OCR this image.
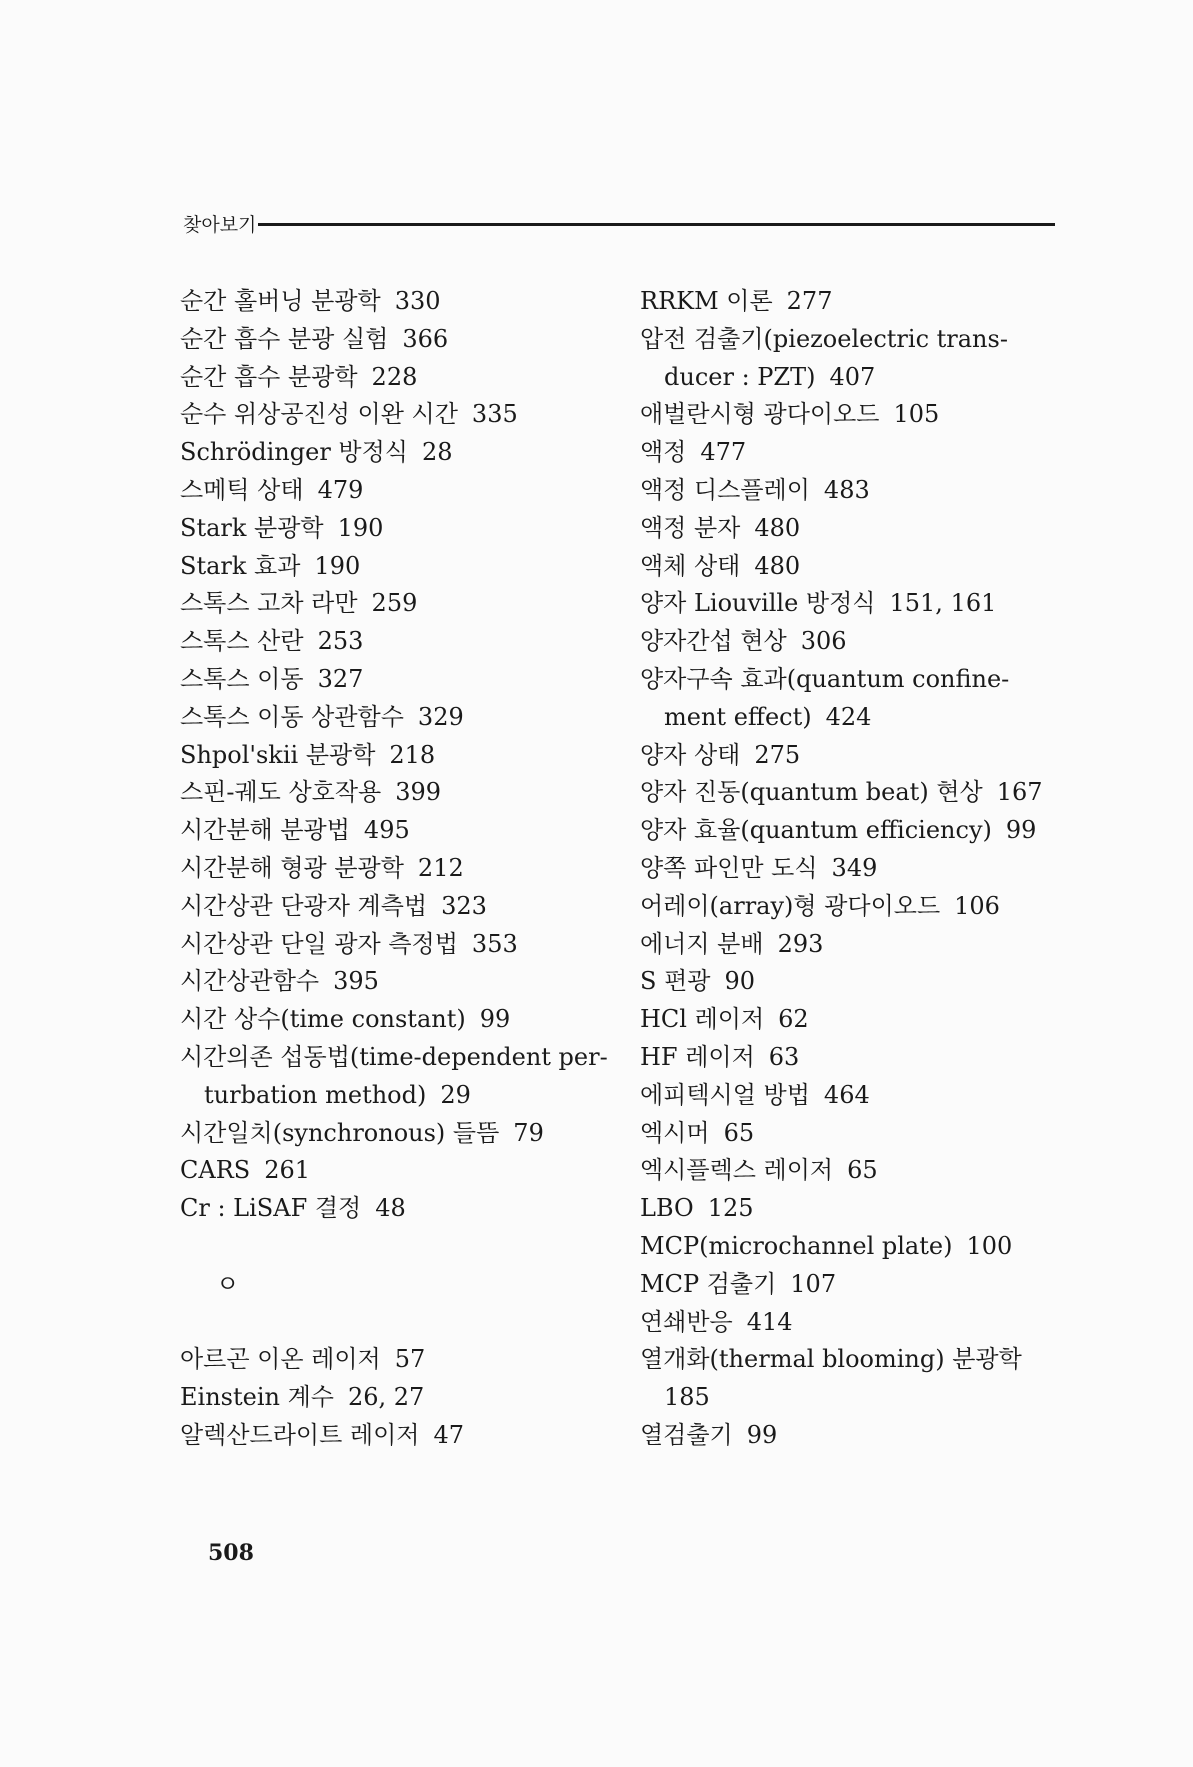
찾아보기
순간 홀버닝 분광학 330
순간 흡수 분광 실험 366
순간 흡수 분광학 228
순수 위상공진성 이완 시간 335
Schrödinger 방정식 28
스메틱 상태 479
Stark 분광학 190
Stark 효과 190
스톡스 고차 라만 259
스톡스 산란 253
스톡스 이동 327
스톡스 이동 상관함수 329
Shpol'skii 분광학 218
스핀-궤도 상호작용 399
시간분해 분광법 495
시간분해 형광 분광학 212
시간상관 단광자 계측법 323
시간상관 단일 광자 측정법 353
시간상관함수 395
시간 상수(time constant) 99
시간의존 섭동법(time-dependent per-
turbation method) 29
시간일치(synchronous) 들뜸 79
CARS 261
Cr : LiSAF 결정 48
ㅇ
아르곤 이온 레이저 57
Einstein 계수 26, 27
알렉산드라이트 레이저 47
RRKM 이론 277
압전 검출기(piezoelectric trans-
ducer : PZT) 407
애벌란시형 광다이오드 105
액정 477
액정 디스플레이 483
액정 분자 480
액체 상태 480
양자 Liouville 방정식 151, 161
양자간섭 현상 306
양자구속 효과(quantum confine-
ment effect) 424
양자 상태 275
양자 진동(quantum beat) 현상 167
양자 효율(quantum efficiency) 99
양쪽 파인만 도식 349
어레이(array)형 광다이오드 106
에너지 분배 293
S 편광 90
HCl 레이저 62
HF 레이저 63
에피텍시얼 방법 464
엑시머 65
엑시플렉스 레이저 65
LBO 125
MCP(microchannel plate) 100
MCP 검출기 107
연쇄반응 414
열개화(thermal blooming) 분광학
185
열검출기 99
508
